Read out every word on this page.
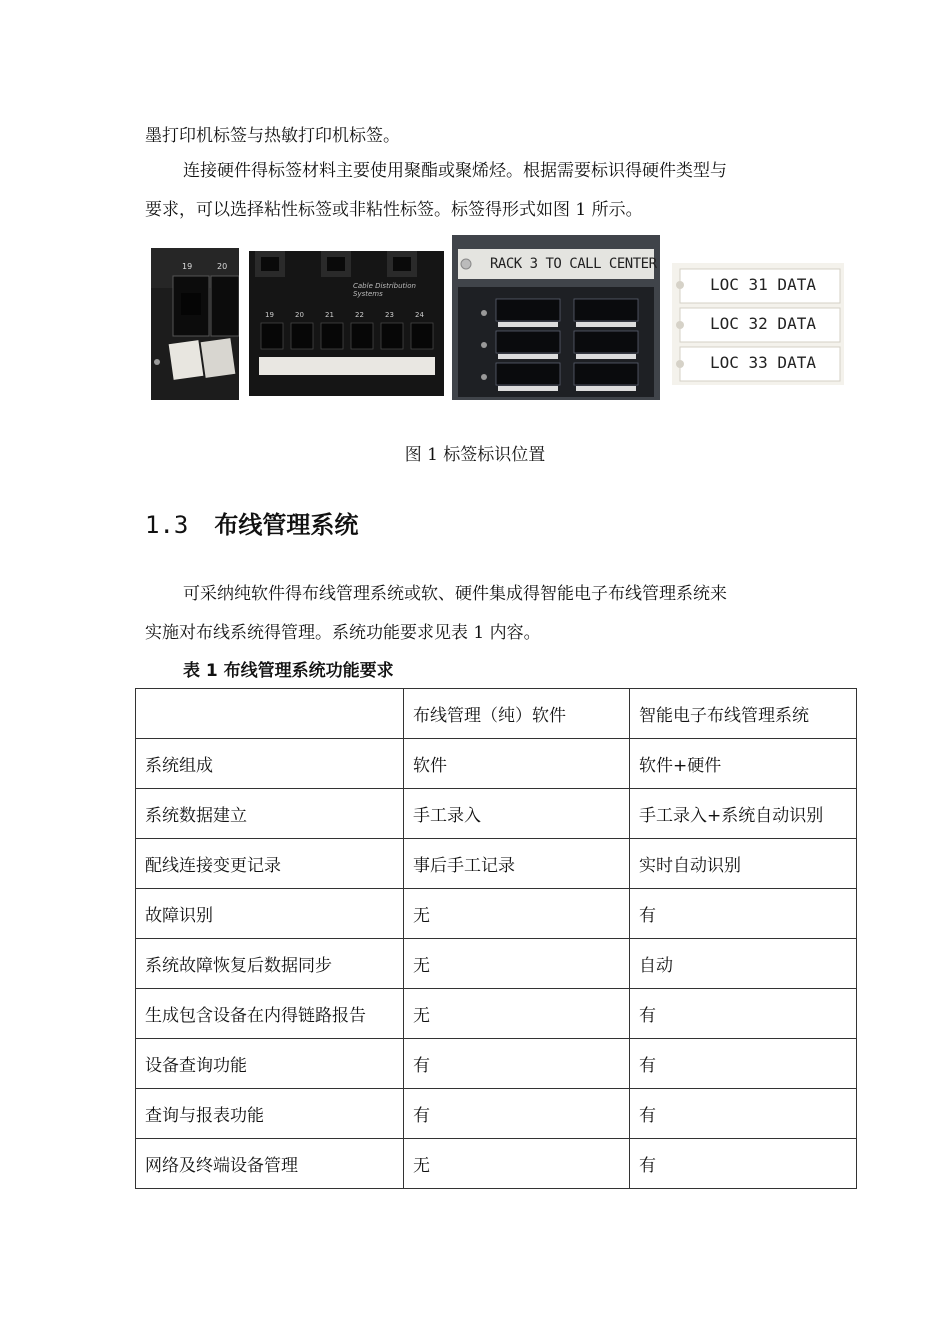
墨打印机标签与热敏打印机标签。
连接硬件得标签材料主要使用聚酯或聚烯烃。根据需要标识得硬件类型与
要求，可以选择粘性标签或非粘性标签。标签得形式如图 1 所示。
19	20
Cable Distribution Systems
19	20	21	22	23	24
RACK 3 TO CALL CENTER
LOC 31 DATA
LOC 32 DATA
LOC 33 DATA
图 1 标签标识位置
1.3 布线管理系统
可采纳纯软件得布线管理系统或软、硬件集成得智能电子布线管理系统来
实施对布线系统得管理。系统功能要求见表 1 内容。
表 1 布线管理系统功能要求
	布线管理（纯）软件	智能电子布线管理系统
系统组成	软件	软件+硬件
系统数据建立	手工录入	手工录入+系统自动识别
配线连接变更记录	事后手工记录	实时自动识别
故障识别	无	有
系统故障恢复后数据同步	无	自动
生成包含设备在内得链路报告	无	有
设备查询功能	有	有
查询与报表功能	有	有
网络及终端设备管理	无	有
